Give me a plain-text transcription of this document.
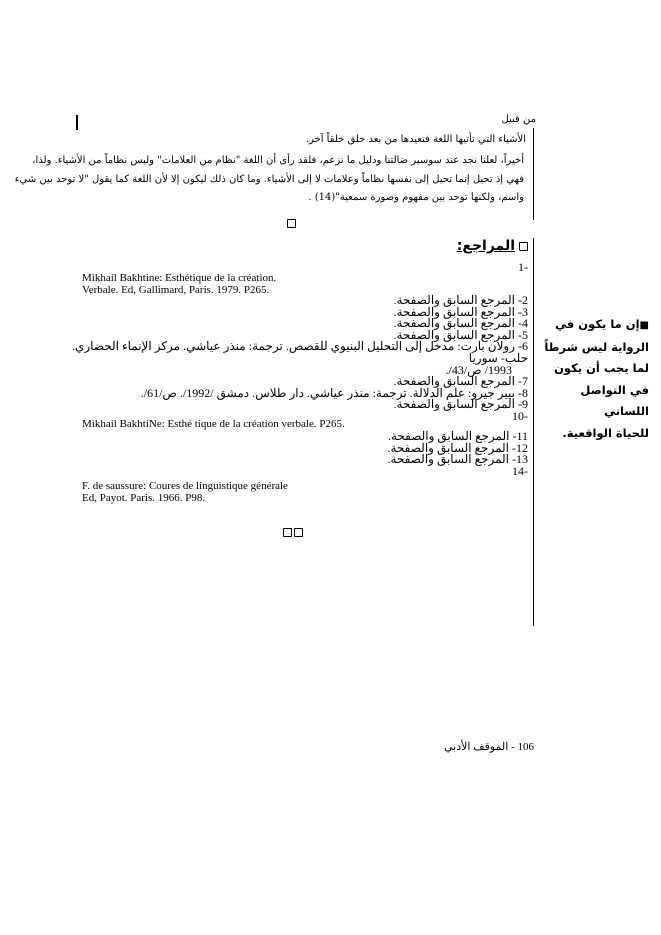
من قبيل
الأشياء التي تأتيها اللغة فتعيدها من بعد خلق خلقاً آخر.
أخيراً، لعلنا نجد عند سوسير ضالتنا ودليل ما نزعم، فلقد رأى أن اللغة "نظام من العلامات" وليس نظاماً من الأشياء. ولذا،
فهي إذ تحيل إنما تحيل إلى نفسها نظاماً وعلامات لا إلى الأشياء. وما كان ذلك ليكون إلا لأن اللغة كما يقول "لا توحد بين شيء
واسم، ولكنها توحد بين مفهوم وصورة سمعية"(14) .
المراجع:
-1
Mikhail Bakhtine: Esthétique de la création.
Verbale. Ed, Gallimard, Paris. 1979. P265.
2- المرجع السابق والصفحة.
3- المرجع السابق والصفحة.
4- المرجع السابق والصفحة.
5- المرجع السابق والصفحة.
6- رولان بارت: مدخل إلى التحليل البنيوي للقصص. ترجمة: منذر عياشي. مركز الإنماء الحضاري. حلب- سوريا
1993/ ص/43/.
7- المرجع السابق والصفحة.
8- بيير جيرو: علم الدلالة. ترجمة: منذر عياشي. دار طلاس. دمشق /1992/. ص/61/.
9- المرجع السابق والصفحة.
-10
Mikhail BakhtiNe: Esthé tique de la création verbale. P265.
11- المرجع السابق والصفحة.
12- المرجع السابق والصفحة.
13- المرجع السابق والصفحة.
-14
F. de saussure: Coures de linguistique générale
Ed, Payot. Paris. 1966. P98.
■إن ما يكون في
الرواية ليس شرطاً
لما يجب أن يكون
في التواصل اللساني
للحياة الواقعية.
106 - الموقف الأدبي
